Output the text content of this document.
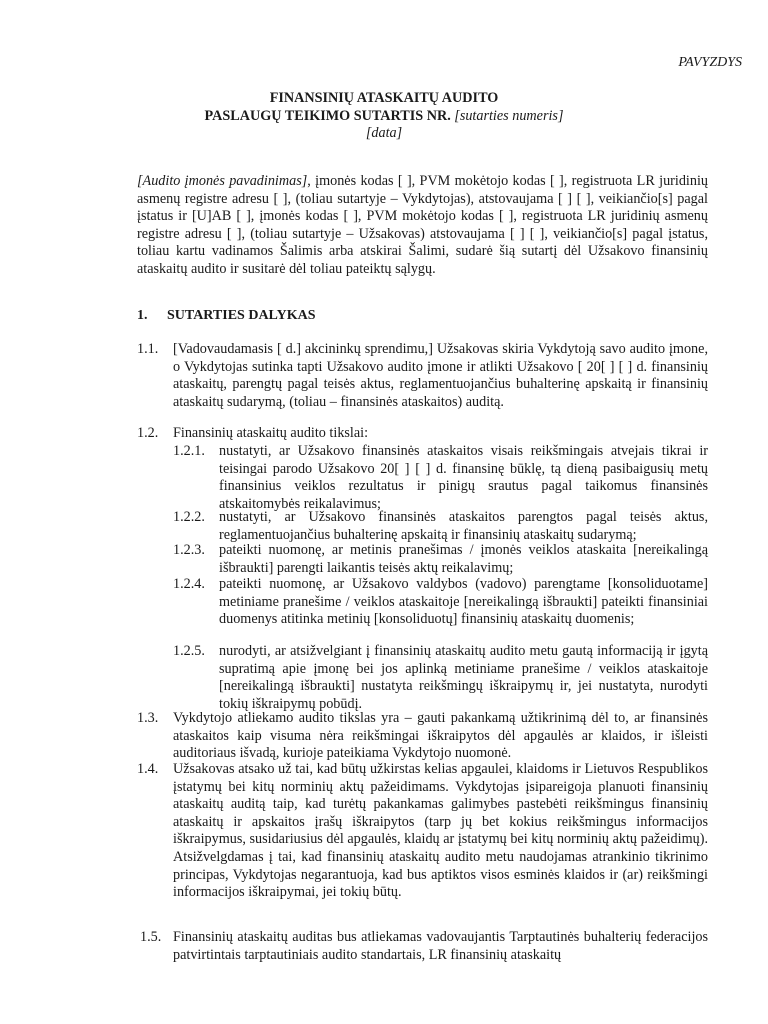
PAVYZDYS
FINANSINIŲ ATASKAITŲ AUDITO
PASLAUGŲ TEIKIMO SUTARTIS NR. [sutarties numeris]
[data]
[Audito įmonės pavadinimas], įmonės kodas [ ], PVM mokėtojo kodas [ ], registruota LR juridinių asmenų registre adresu [ ], (toliau sutartyje – Vykdytojas), atstovaujama [ ] [ ], veikiančio[s] pagal įstatus ir [U]AB [ ], įmonės kodas [ ], PVM mokėtojo kodas [ ], registruota LR juridinių asmenų registre adresu [ ], (toliau sutartyje – Užsakovas) atstovaujama [ ] [ ], veikiančio[s] pagal įstatus, toliau kartu vadinamos Šalimis arba atskirai Šalimi, sudarė šią sutartį dėl Užsakovo finansinių ataskaitų audito ir susitarė dėl toliau pateiktų sąlygų.
1. SUTARTIES DALYKAS
1.1. [Vadovaudamasis [ d.] akcininkų sprendimu,] Užsakovas skiria Vykdytoją savo audito įmone, o Vykdytojas sutinka tapti Užsakovo audito įmone ir atlikti Užsakovo [ 20[ ] [ ] d. finansinių ataskaitų, parengtų pagal teisės aktus, reglamentuojančius buhalterinę apskaitą ir finansinių ataskaitų sudarymą, (toliau – finansinės ataskaitos) auditą.
1.2. Finansinių ataskaitų audito tikslai:
1.2.1. nustatyti, ar Užsakovo finansinės ataskaitos visais reikšmingais atvejais tikrai ir teisingai parodo Užsakovo 20[ ] [ ] d. finansinę būklę, tą dieną pasibaigusių metų finansinius veiklos rezultatus ir pinigų srautus pagal taikomus finansinės atskaitomybės reikalavimus;
1.2.2. nustatyti, ar Užsakovo finansinės ataskaitos parengtos pagal teisės aktus, reglamentuojančius buhalterinę apskaitą ir finansinių ataskaitų sudarymą;
1.2.3. pateikti nuomonę, ar metinis pranešimas / įmonės veiklos ataskaita [nereikalingą išbraukti] parengti laikantis teisės aktų reikalavimų;
1.2.4. pateikti nuomonę, ar Užsakovo valdybos (vadovo) parengtame [konsoliduotame] metiniame pranešime / veiklos ataskaitoje [nereikalingą išbraukti] pateikti finansiniai duomenys atitinka metinių [konsoliduotų] finansinių ataskaitų duomenis;
1.2.5. nurodyti, ar atsižvelgiant į finansinių ataskaitų audito metu gautą informaciją ir įgytą supratimą apie įmonę bei jos aplinką metiniame pranešime / veiklos ataskaitoje [nereikalingą išbraukti] nustatyta reikšmingų iškraipymų ir, jei nustatyta, nurodyti tokių iškraipymų pobūdį.
1.3. Vykdytojo atliekamo audito tikslas yra – gauti pakankamą užtikrinimą dėl to, ar finansinės ataskaitos kaip visuma nėra reikšmingai iškraipytos dėl apgaulės ar klaidos, ir išleisti auditoriaus išvadą, kurioje pateikiama Vykdytojo nuomonė.
1.4. Užsakovas atsako už tai, kad būtų užkirstas kelias apgaulei, klaidoms ir Lietuvos Respublikos įstatymų bei kitų norminių aktų pažeidimams. Vykdytojas įsipareigoja planuoti finansinių ataskaitų auditą taip, kad turėtų pakankamas galimybes pastebėti reikšmingus finansinių ataskaitų ir apskaitos įrašų iškraipytos (tarp jų bet kokius reikšmingus informacijos iškraipymus, susidariusius dėl apgaulės, klaidų ar įstatymų bei kitų norminių aktų pažeidimų). Atsižvelgdamas į tai, kad finansinių ataskaitų audito metu naudojamas atrankinio tikrinimo principas, Vykdytojas negarantuoja, kad bus aptiktos visos esminės klaidos ir (ar) reikšmingi informacijos iškraipymai, jei tokių būtų.
1.5. Finansinių ataskaitų auditas bus atliekamas vadovaujantis Tarptautinės buhalterių federacijos patvirtintais tarptautiniais audito standartais, LR finansinių ataskaitų
